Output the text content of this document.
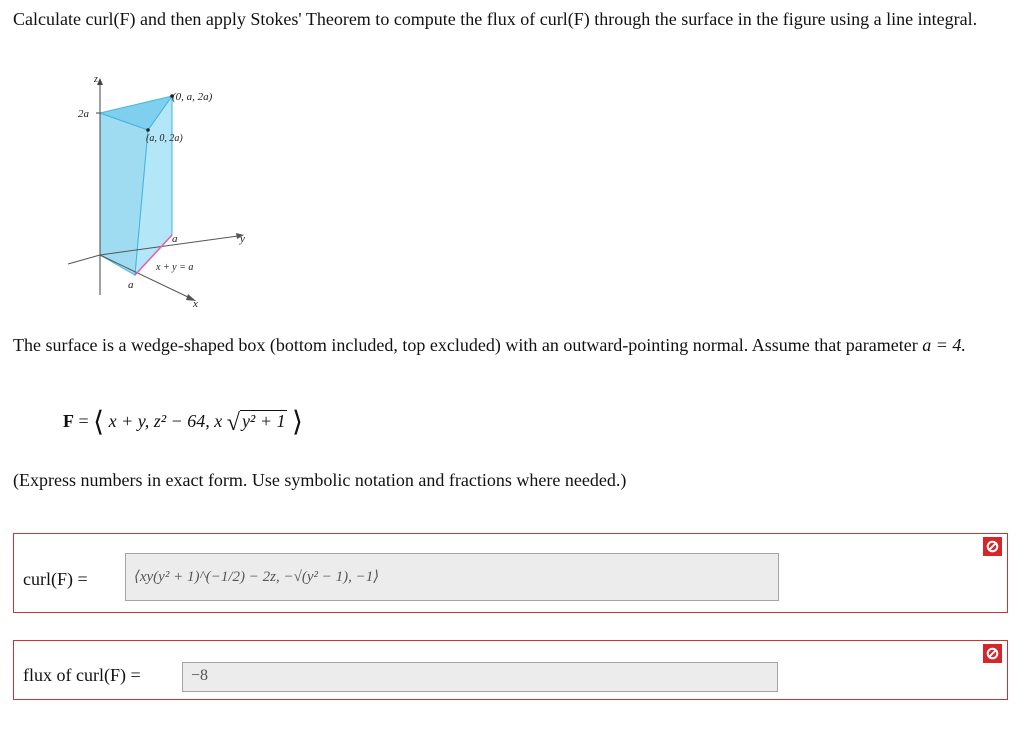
Calculate curl(F) and then apply Stokes' Theorem to compute the flux of curl(F) through the surface in the figure using a line integral.
z
2a
(0, a, 2a)
(a, 0, 2a)
a	y
x + y = a
a
x
The surface is a wedge-shaped box (bottom included, top excluded) with an outward-pointing normal. Assume that parameter a = 4.
F = ⟨ x + y, z² − 64, x √ y² + 1 ⟩
(Express numbers in exact form. Use symbolic notation and fractions where needed.)
curl(F) =	⟨xy(y² + 1)^(−1/2) − 2z, −√(y² − 1), −1⟩
flux of curl(F) =	−8
